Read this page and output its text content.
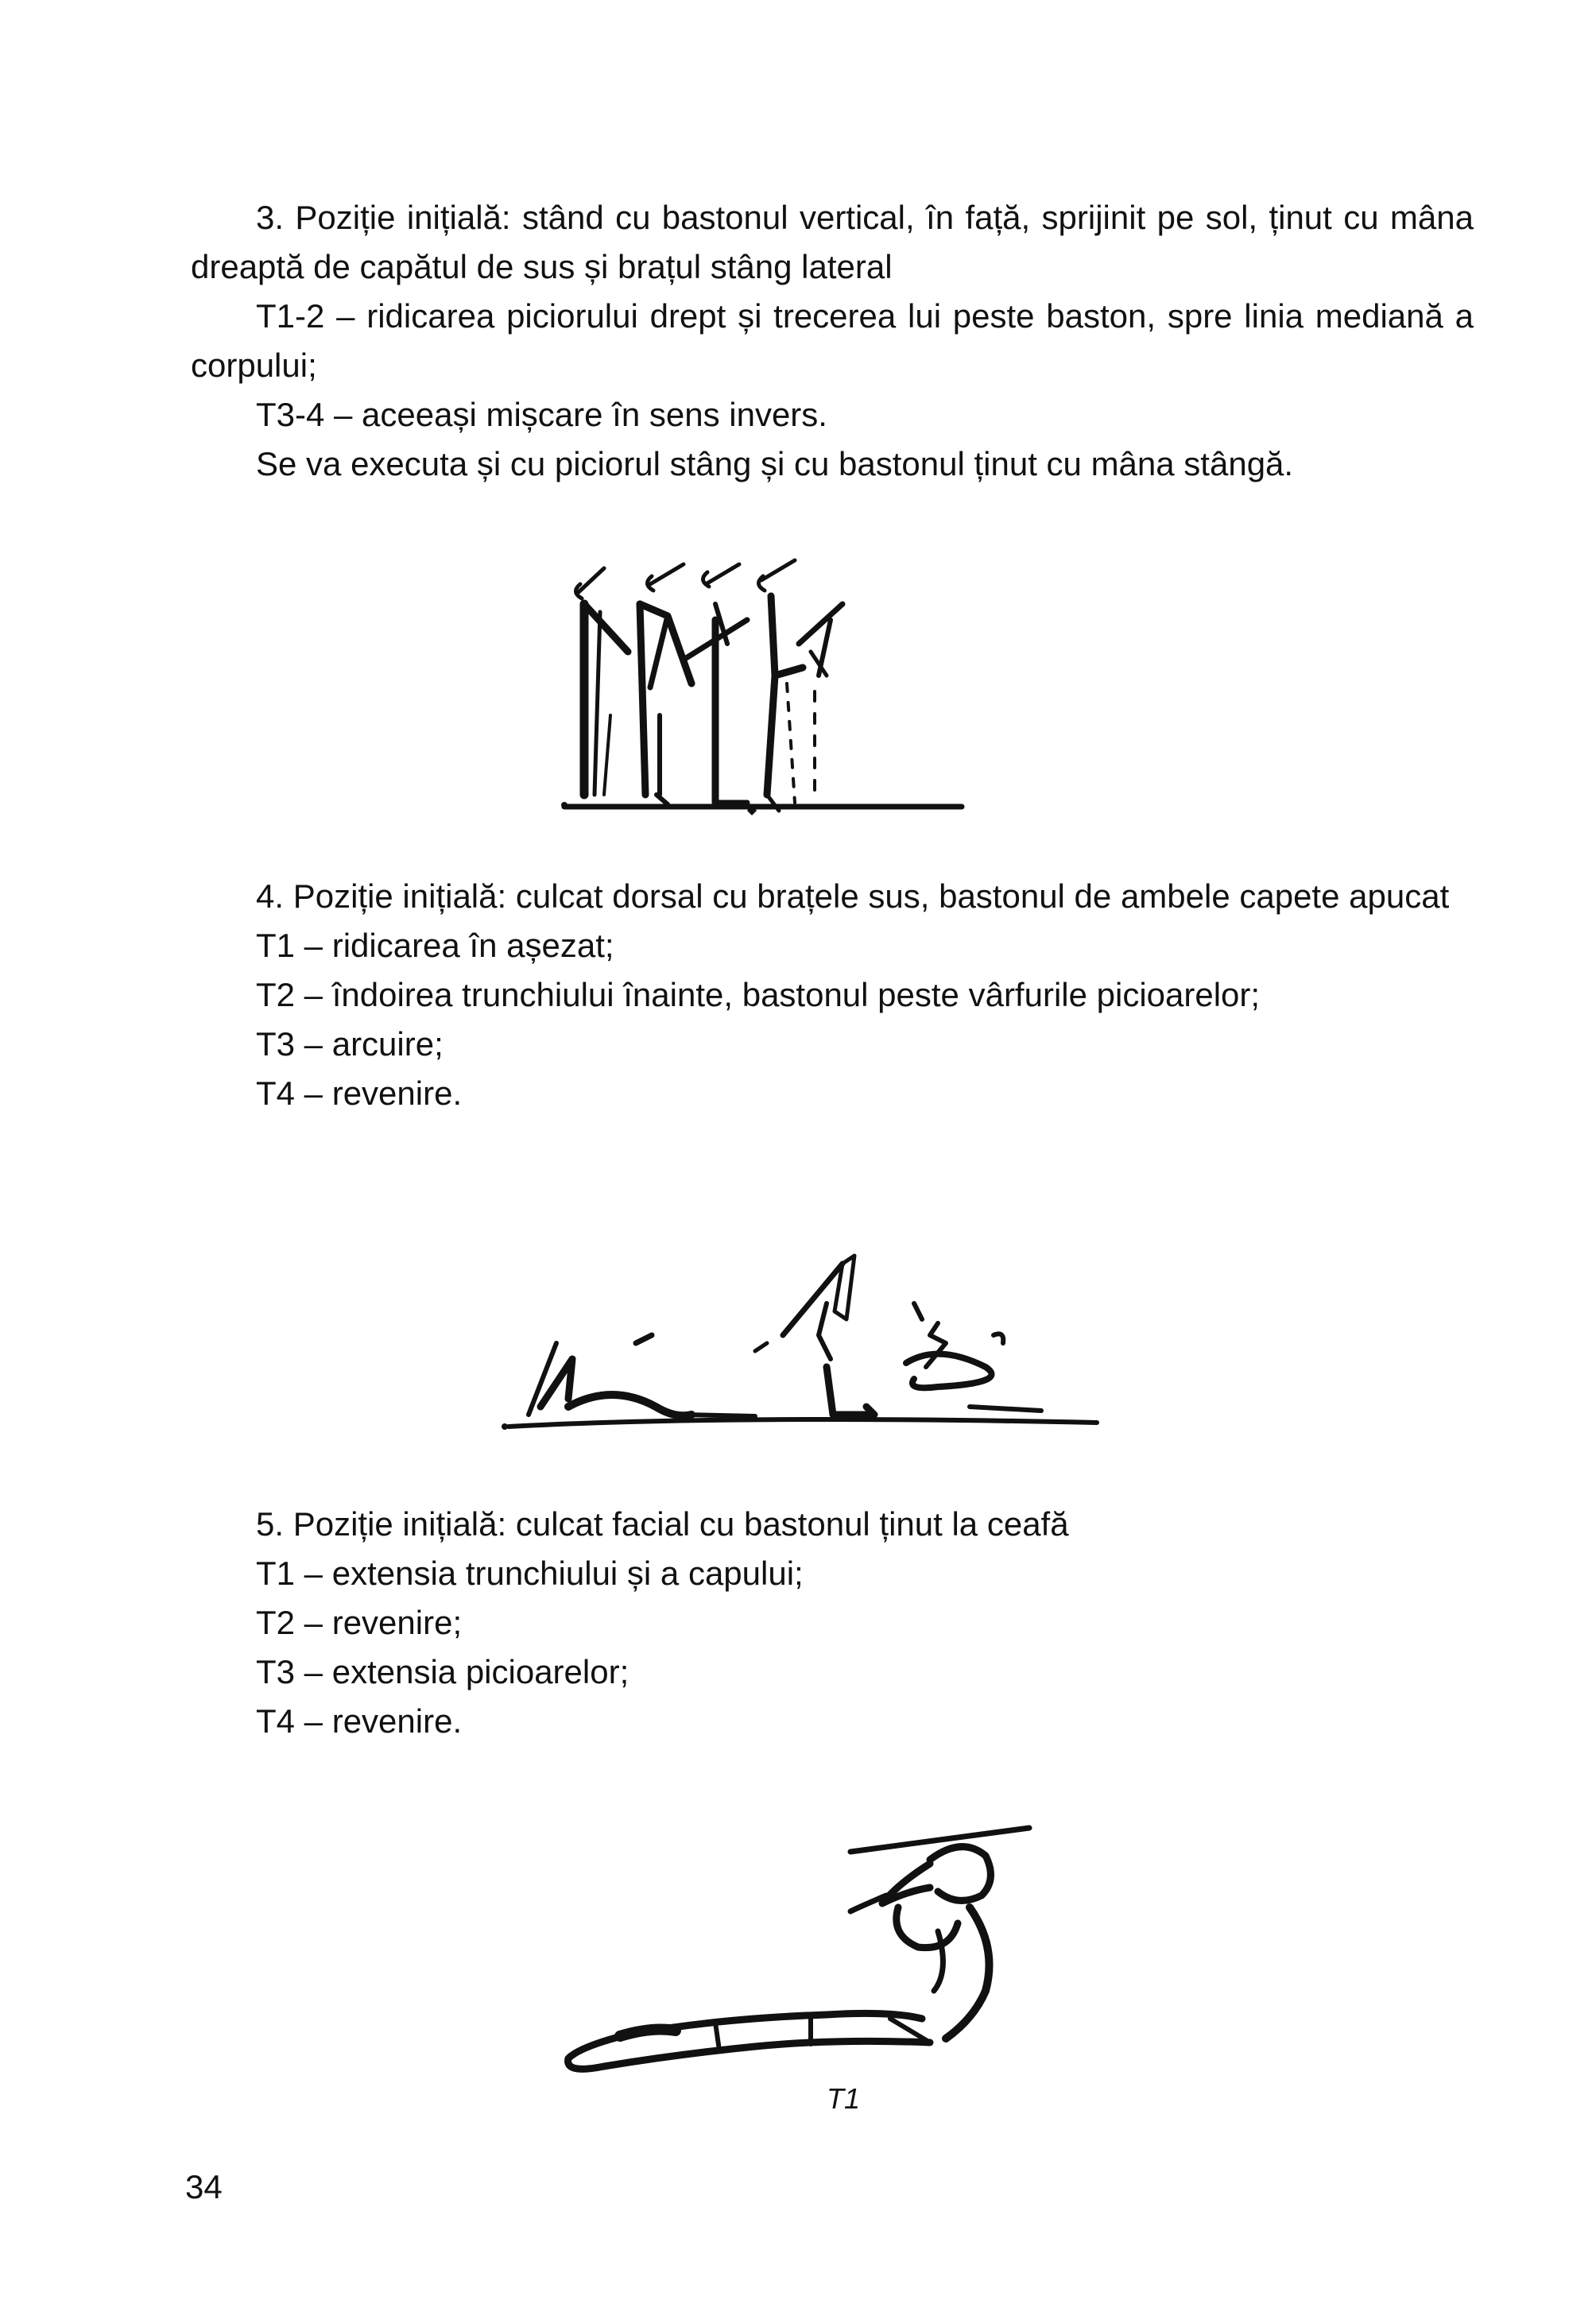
3. Poziție inițială: stând cu bastonul vertical, în față, sprijinit pe sol, ținut cu mâna dreaptă de capătul de sus și brațul stâng lateral

T1-2 – ridicarea piciorului drept și trecerea lui peste baston, spre linia mediană a corpului;

T3-4 – aceeași mișcare în sens invers.

Se va executa și cu piciorul stâng și cu bastonul ținut cu mâna stângă.

4. Poziție inițială: culcat dorsal cu brațele sus, bastonul de ambele capete apucat

T1 – ridicarea în așezat;

T2 – îndoirea trunchiului înainte, bastonul peste vârfurile picioarelor;

T3 – arcuire;

T4 – revenire.

5. Poziție inițială: culcat facial cu bastonul ținut la ceafă

T1 – extensia trunchiului și a capului;

T2 – revenire;

T3 – extensia picioarelor;

T4 – revenire.

T1
34
